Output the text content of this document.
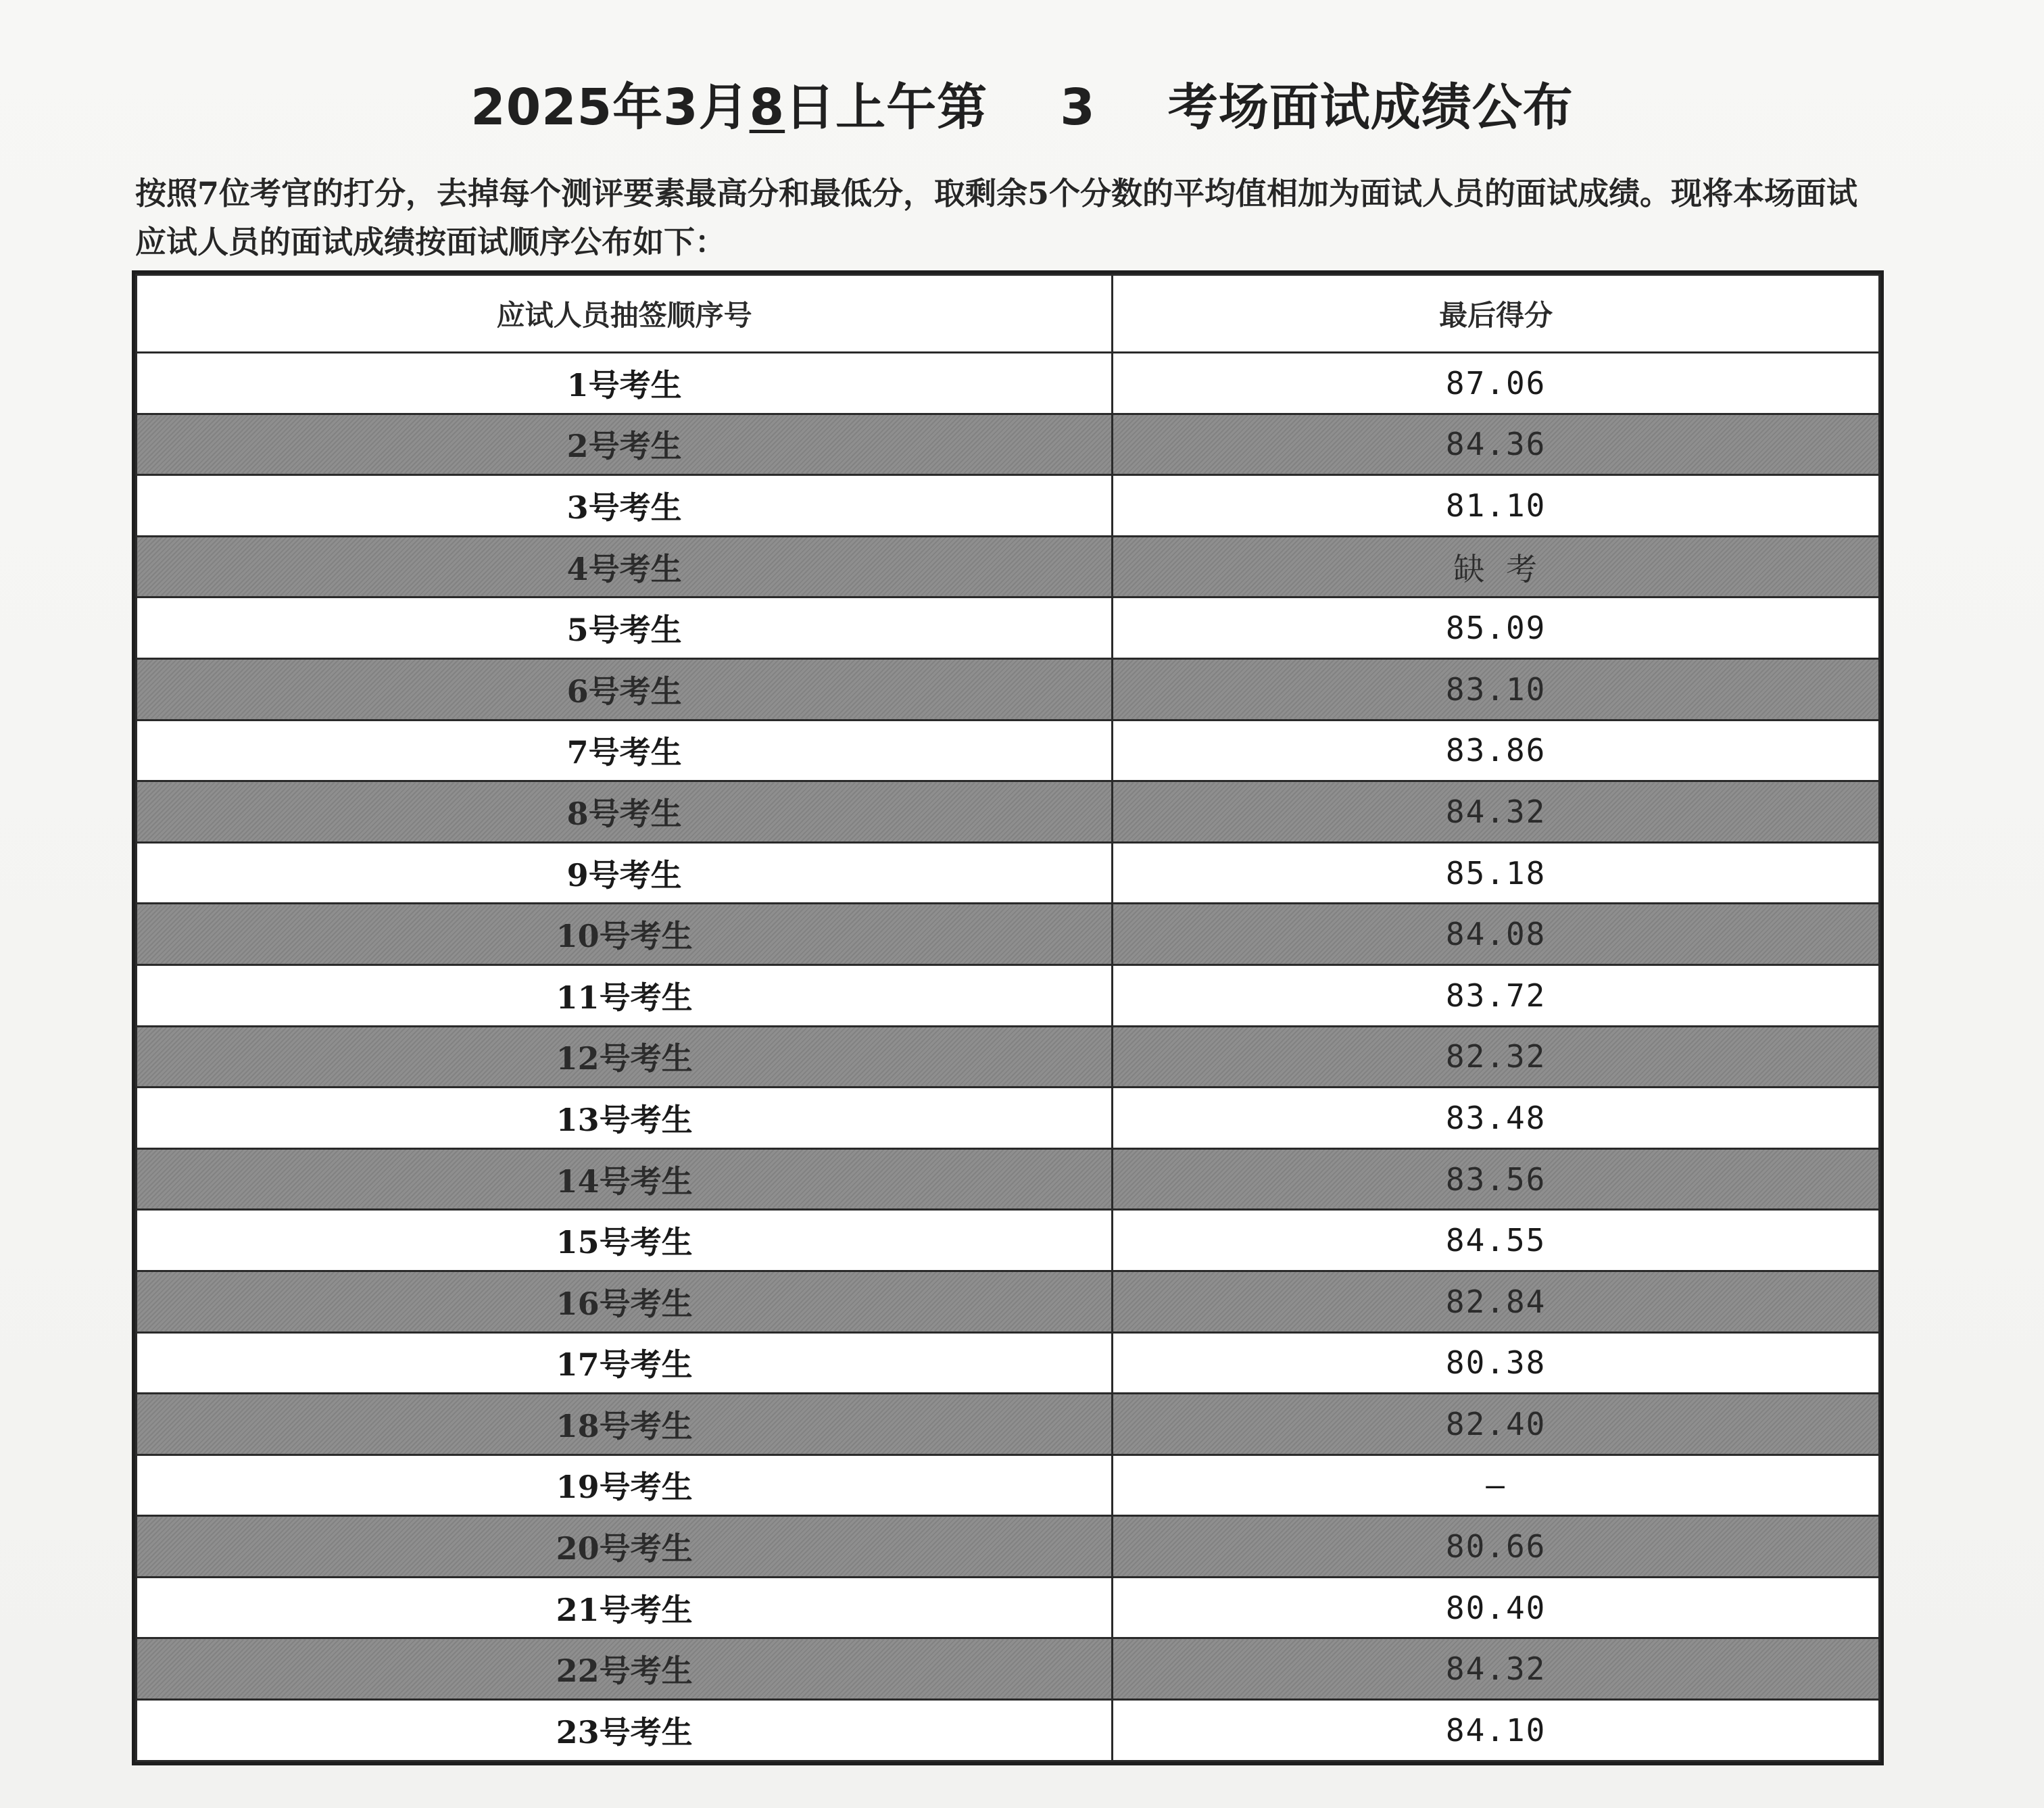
2025年3月8日上午第    3    考场面试成绩公布
按照7位考官的打分，去掉每个测评要素最高分和最低分，取剩余5个分数的平均值相加为面试人员的面试成绩。现将本场面试应试人员的面试成绩按面试顺序公布如下：
应试人员抽签顺序号	最后得分
1号考生	87.06
2号考生	84.36
3号考生	81.10
4号考生	缺 考
5号考生	85.09
6号考生	83.10
7号考生	83.86
8号考生	84.32
9号考生	85.18
10号考生	84.08
11号考生	83.72
12号考生	82.32
13号考生	83.48
14号考生	83.56
15号考生	84.55
16号考生	82.84
17号考生	80.38
18号考生	82.40
19号考生	—
20号考生	80.66
21号考生	80.40
22号考生	84.32
23号考生	84.10
